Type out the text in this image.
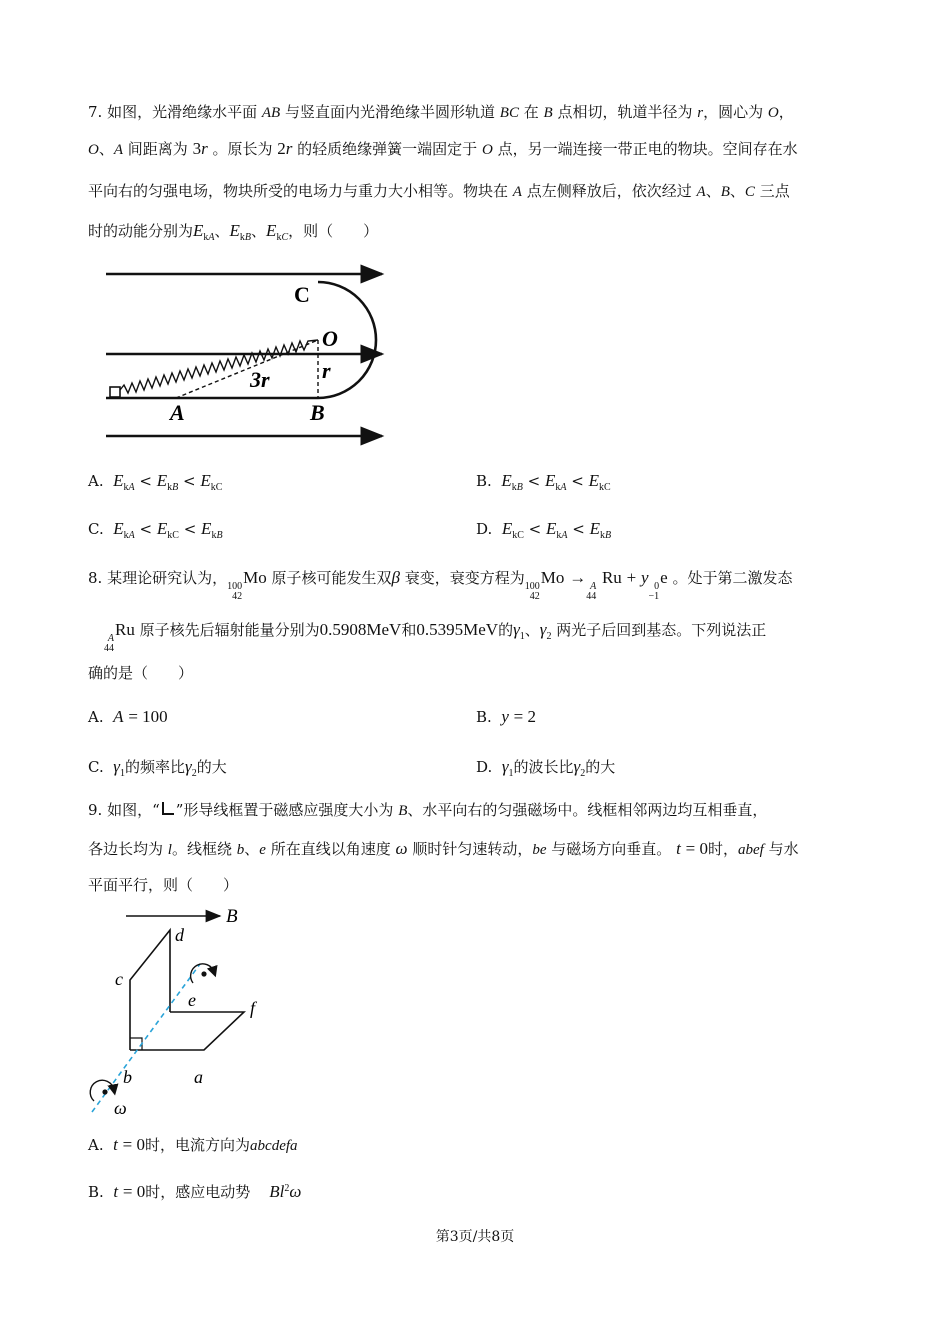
7. 如图，光滑绝缘水平面 AB 与竖直面内光滑绝缘半圆形轨道 BC 在 B 点相切，轨道半径为 r，圆心为 O，
O、A 间距离为 3r 。原长为 2r 的轻质绝缘弹簧一端固定于 O 点，另一端连接一带正电的物块。空间存在水
平向右的匀强电场，物块所受的电场力与重力大小相等。物块在 A 点左侧释放后，依次经过 A、B、C 三点
时的动能分别为$E_{kA}$、$E_{kB}$、$E_{kC}$，则（　　）
C
O
3r r
A	B
A. $E_{kA} < E_{kB} < E_{kC}$	B. $E_{kB} < E_{kA} < E_{kC}$
C. $E_{kA} < E_{kC} < E_{kB}$	D. $E_{kC} < E_{kA} < E_{kB}$
8. 某理论研究认为， 100
42
Mo 原子核可能发生双β 衰变，衰变方程为 100
42
Mo → A
44
Ru + y 0
−1
e 。处于第二激发态
A
44
Ru 原子核先后辐射能量分别为0.5908MeV和0.5395MeV的$\gamma_1$、$\gamma_2$ 两光子后回到基态。下列说法正
确的是（　　）
A. A = 100	B. y = 2
C. $\gamma_1$的频率比$\gamma_2$的大	D. $\gamma_1$的波长比$\gamma_2$的大
9. 如图，“ ”形导线框置于磁感应强度大小为 B、水平向右的匀强磁场中。线框相邻两边均互相垂直，
各边长均为 l。线框绕 b、e 所在直线以角速度 ω 顺时针匀速转动，be 与磁场方向垂直。 t = 0时，abef 与水
平面平行，则（　　）
B
d
c
e	f
b	a
ω
A. t = 0时，电流方向为abcdefa
B. t = 0时，感应电动势 Bl$^2$ω
第3页/共8页
